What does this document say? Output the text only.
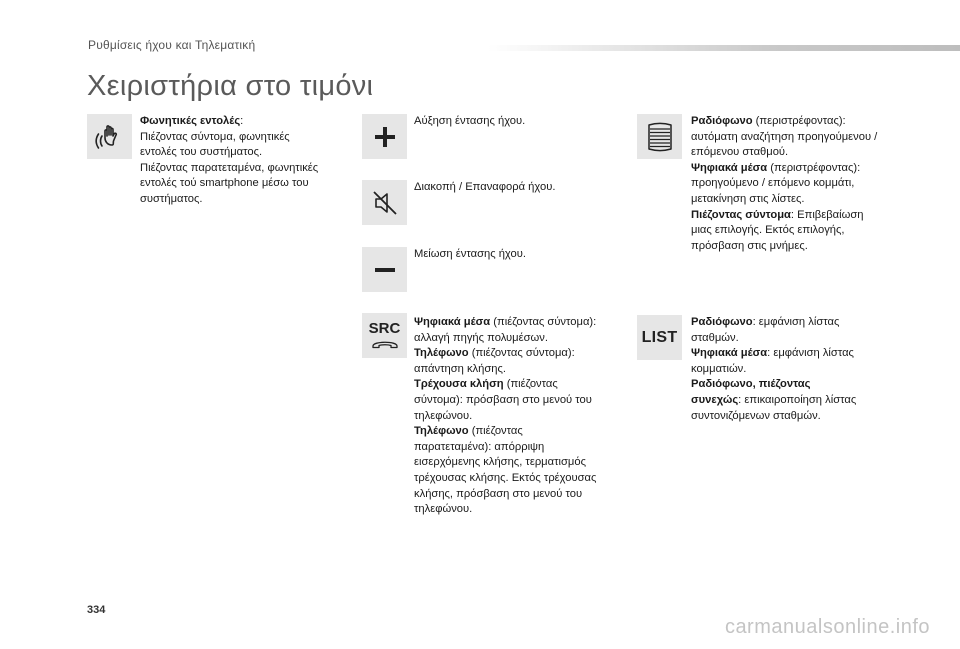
Ρυθμίσεις ήχου και Τηλεματική
Χειριστήρια στο τιμόνι
Φωνητικές εντολές:
Πιέζοντας σύντομα, φωνητικές
εντολές του συστήματος.
Πιέζοντας παρατεταμένα, φωνητικές
εντολές τού smartphone μέσω του
συστήματος.
Αύξηση έντασης ήχου.
Διακοπή / Επαναφορά ήχου.
Μείωση έντασης ήχου.
SRC Ψηφιακά μέσα (πιέζοντας σύντομα):
αλλαγή πηγής πολυμέσων.
Τηλέφωνο (πιέζοντας σύντομα):
απάντηση κλήσης.
Τρέχουσα κλήση (πιέζοντας
σύντομα): πρόσβαση στο μενού του
τηλεφώνου.
Τηλέφωνο (πιέζοντας
παρατεταμένα): απόρριψη
εισερχόμενης κλήσης, τερματισμός
τρέχουσας κλήσης. Εκτός τρέχουσας
κλήσης, πρόσβαση στο μενού του
τηλεφώνου.
Ραδιόφωνο (περιστρέφοντας):
αυτόματη αναζήτηση προηγούμενου /
επόμενου σταθμού.
Ψηφιακά μέσα (περιστρέφοντας):
προηγούμενο / επόμενο κομμάτι,
μετακίνηση στις λίστες.
Πιέζοντας σύντομα: Επιβεβαίωση
μιας επιλογής. Εκτός επιλογής,
πρόσβαση στις μνήμες.
LIST
Ραδιόφωνο: εμφάνιση λίστας
σταθμών.
Ψηφιακά μέσα: εμφάνιση λίστας
κομματιών.
Ραδιόφωνο, πιέζοντας
συνεχώς: επικαιροποίηση λίστας
συντονιζόμενων σταθμών.
334
carmanualsonline.info
